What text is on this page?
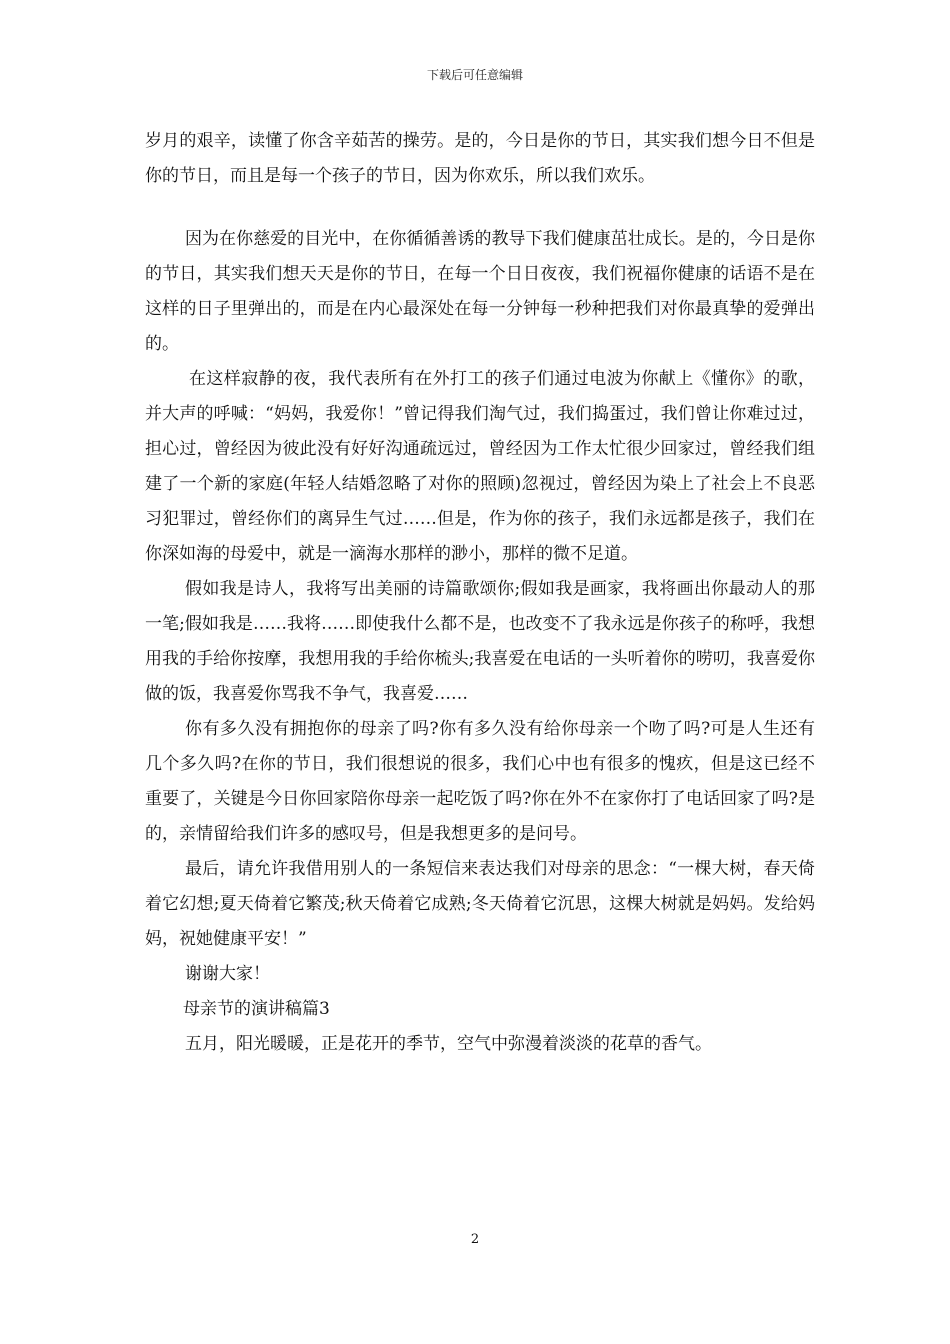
下载后可任意编辑

岁月的艰辛，读懂了你含辛茹苦的操劳。是的，今日是你的节日，其实我们想今日不但是你的节日，而且是每一个孩子的节日，因为你欢乐，所以我们欢乐。

因为在你慈爱的目光中，在你循循善诱的教导下我们健康茁壮成长。是的，今日是你的节日，其实我们想天天是你的节日，在每一个日日夜夜，我们祝福你健康的话语不是在这样的日子里弹出的，而是在内心最深处在每一分钟每一秒种把我们对你最真挚的爱弹出的。

在这样寂静的夜，我代表所有在外打工的孩子们通过电波为你献上《懂你》的歌，并大声的呼喊：“妈妈，我爱你！”曾记得我们淘气过，我们捣蛋过，我们曾让你难过过，担心过，曾经因为彼此没有好好沟通疏远过，曾经因为工作太忙很少回家过，曾经我们组建了一个新的家庭(年轻人结婚忽略了对你的照顾)忽视过，曾经因为染上了社会上不良恶习犯罪过，曾经你们的离异生气过……但是，作为你的孩子，我们永远都是孩子，我们在你深如海的母爱中，就是一滴海水那样的渺小，那样的微不足道。

假如我是诗人，我将写出美丽的诗篇歌颂你;假如我是画家，我将画出你最动人的那一笔;假如我是……我将……即使我什么都不是，也改变不了我永远是你孩子的称呼，我想用我的手给你按摩，我想用我的手给你梳头;我喜爱在电话的一头听着你的唠叨，我喜爱你做的饭，我喜爱你骂我不争气，我喜爱……

你有多久没有拥抱你的母亲了吗?你有多久没有给你母亲一个吻了吗?可是人生还有几个多久吗?在你的节日，我们很想说的很多，我们心中也有很多的愧疚，但是这已经不重要了，关键是今日你回家陪你母亲一起吃饭了吗?你在外不在家你打了电话回家了吗?是的，亲情留给我们许多的感叹号，但是我想更多的是问号。

最后，请允许我借用别人的一条短信来表达我们对母亲的思念：“一棵大树，春天倚着它幻想;夏天倚着它繁茂;秋天倚着它成熟;冬天倚着它沉思，这棵大树就是妈妈。发给妈妈，祝她健康平安！”

谢谢大家！

母亲节的演讲稿篇3

五月，阳光暖暖，正是花开的季节，空气中弥漫着淡淡的花草的香气。

2
